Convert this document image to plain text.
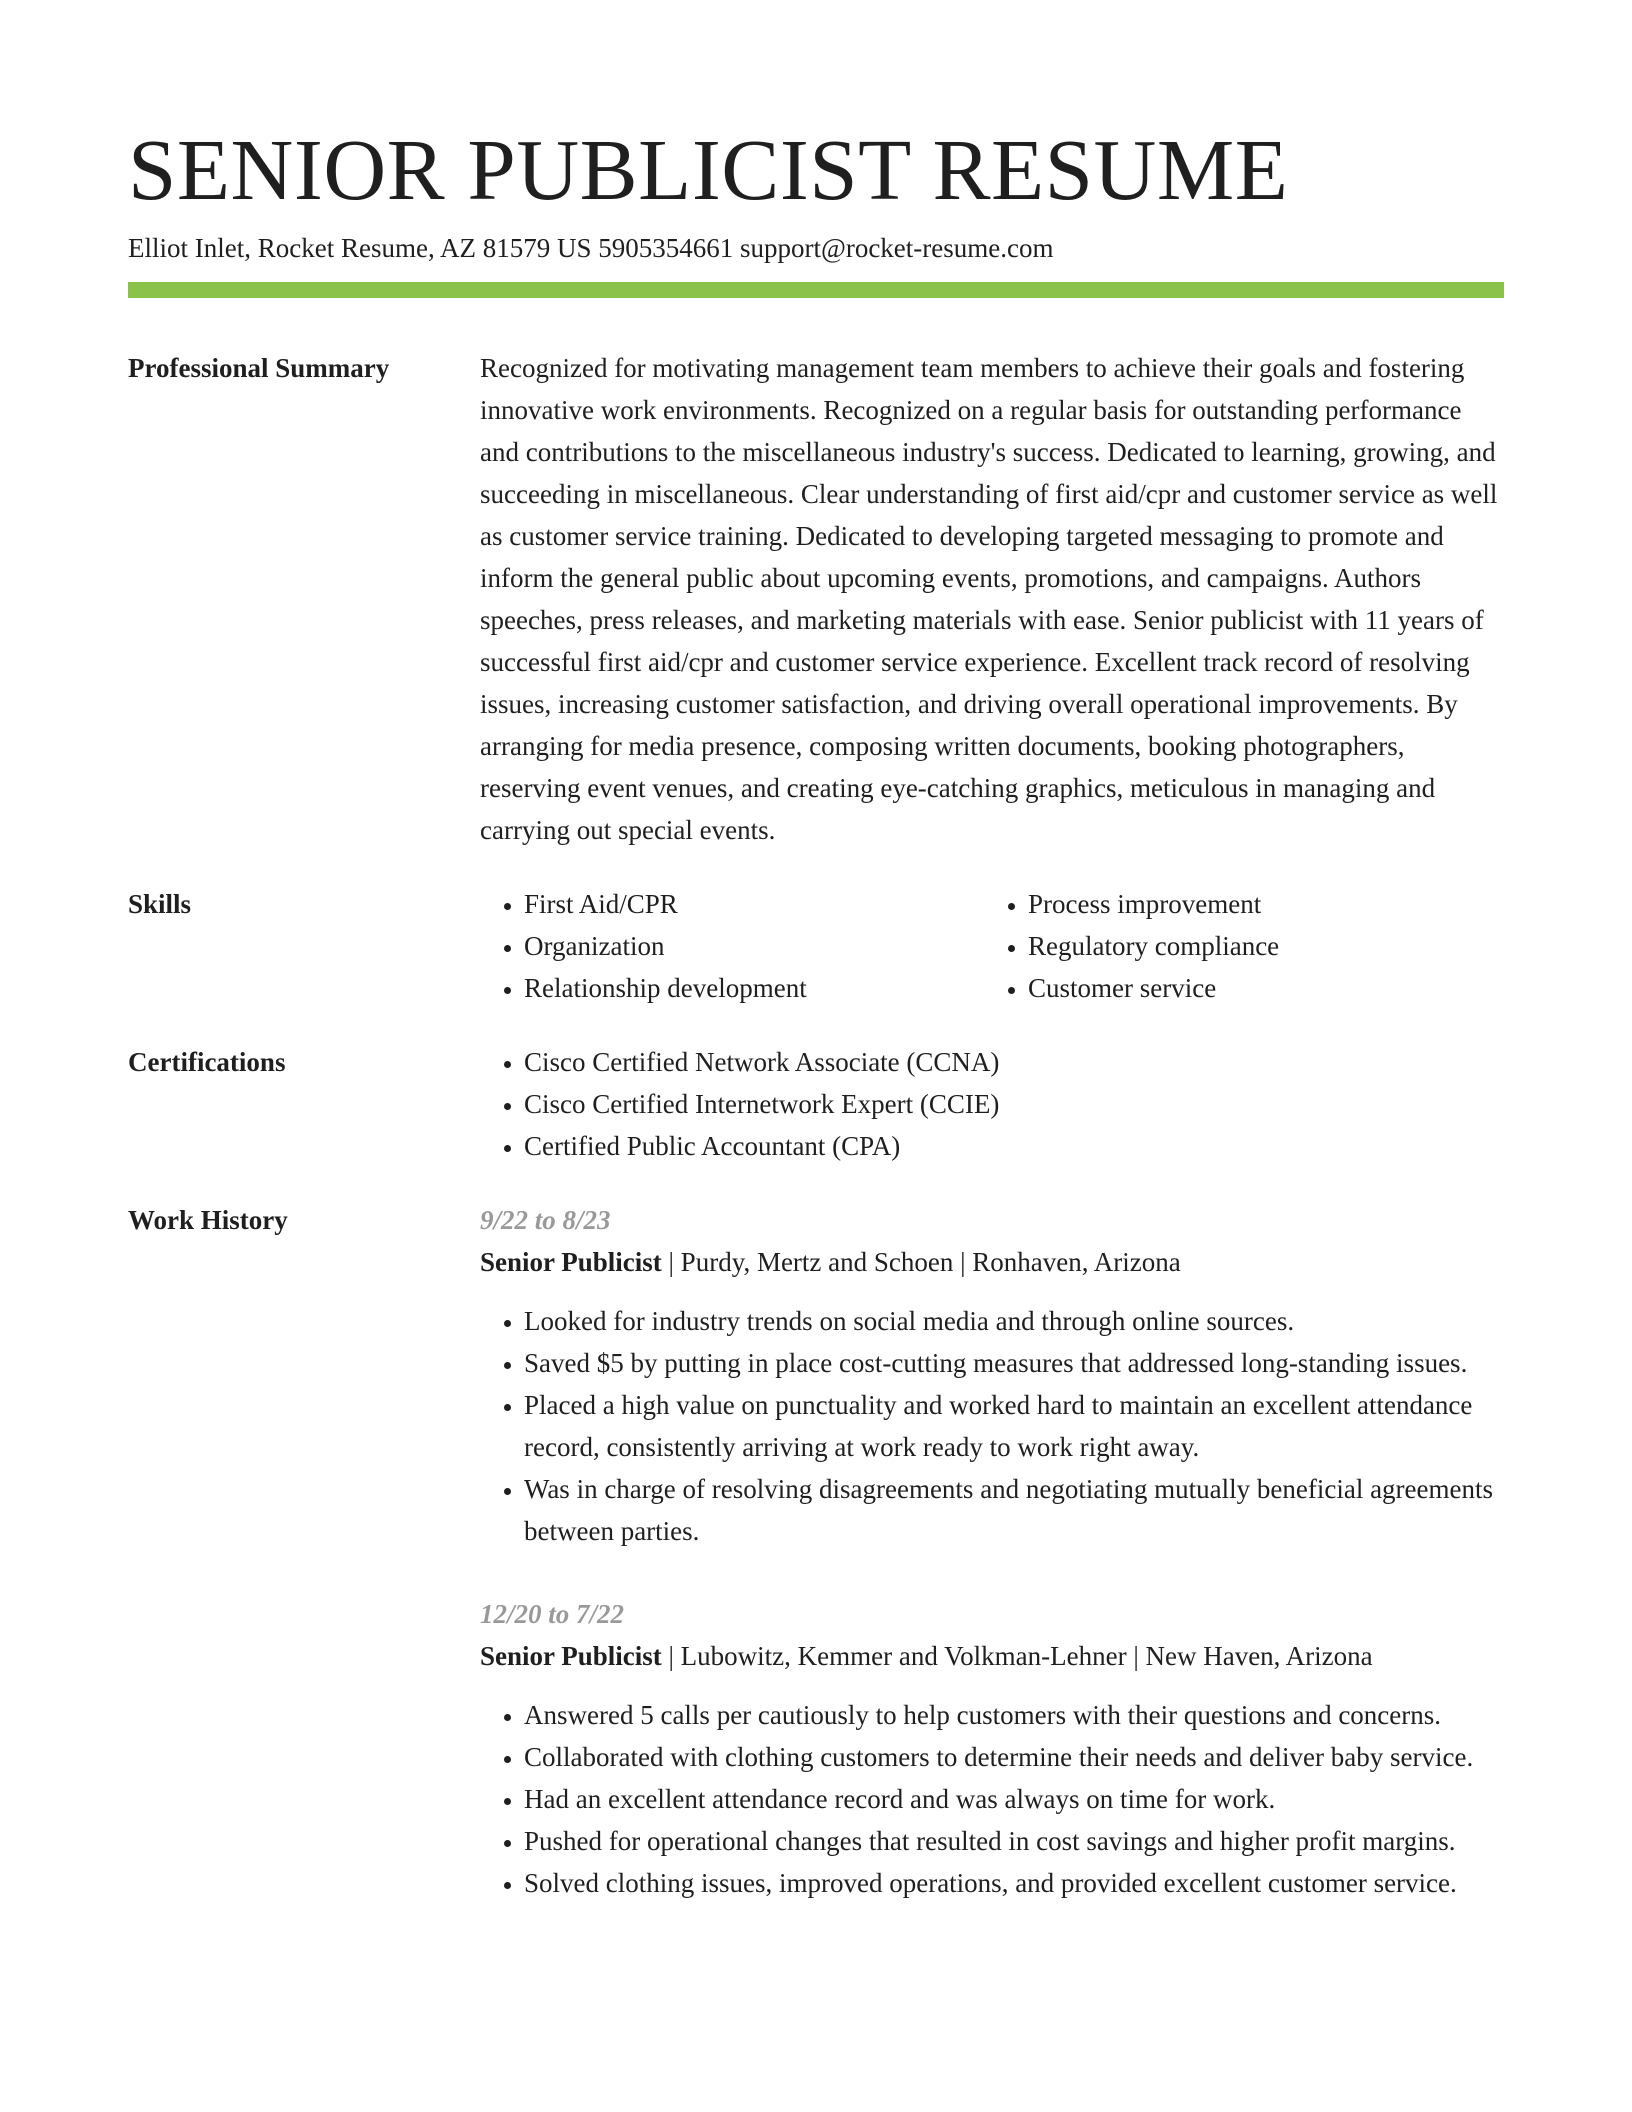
SENIOR PUBLICIST RESUME
Elliot Inlet, Rocket Resume, AZ 81579 US 5905354661 support@rocket-resume.com
Professional Summary	Recognized for motivating management team members to achieve their goals and fostering innovative work environments. Recognized on a regular basis for outstanding performance and contributions to the miscellaneous industry's success. Dedicated to learning, growing, and succeeding in miscellaneous. Clear understanding of first aid/cpr and customer service as well as customer service training. Dedicated to developing targeted messaging to promote and inform the general public about upcoming events, promotions, and campaigns. Authors speeches, press releases, and marketing materials with ease. Senior publicist with 11 years of successful first aid/cpr and customer service experience. Excellent track record of resolving issues, increasing customer satisfaction, and driving overall operational improvements. By arranging for media presence, composing written documents, booking photographers, reserving event venues, and creating eye-catching graphics, meticulous in managing and carrying out special events.

Skills	• First Aid/CPR
• Organization
• Relationship development
• Process improvement
• Regulatory compliance
• Customer service
Certifications	• Cisco Certified Network Associate (CCNA)
• Cisco Certified Internetwork Expert (CCIE)
• Certified Public Accountant (CPA)
Work History	9/22 to 8/23
Senior Publicist | Purdy, Mertz and Schoen | Ronhaven, Arizona
• Looked for industry trends on social media and through online sources.
• Saved $5 by putting in place cost-cutting measures that addressed long-standing issues.
• Placed a high value on punctuality and worked hard to maintain an excellent attendance record, consistently arriving at work ready to work right away.
• Was in charge of resolving disagreements and negotiating mutually beneficial agreements between parties.
12/20 to 7/22
Senior Publicist | Lubowitz, Kemmer and Volkman-Lehner | New Haven, Arizona
• Answered 5 calls per cautiously to help customers with their questions and concerns.
• Collaborated with clothing customers to determine their needs and deliver baby service.
• Had an excellent attendance record and was always on time for work.
• Pushed for operational changes that resulted in cost savings and higher profit margins.
• Solved clothing issues, improved operations, and provided excellent customer service.
